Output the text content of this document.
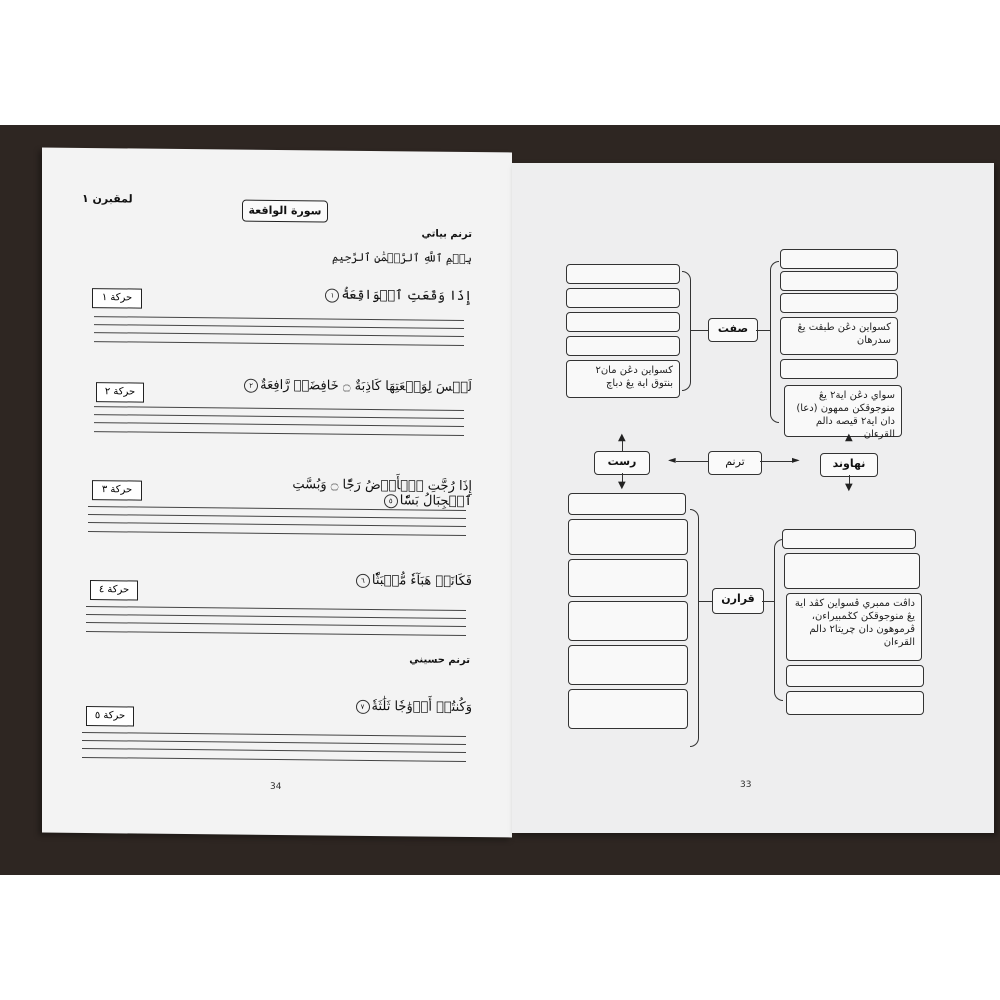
لمقبرن ١
سورة الواقعة
ترنم بياتي
بِسۡمِ ٱللَّهِ ٱلرَّحۡمَٰنِ ٱلرَّحِيمِ
حركة ١	إِذَا وَقَعَتِ ٱلۡوَاقِعَةُ١
حركة ٢	لَيۡسَ لِوَقۡعَتِهَا كَاذِبَةٌ ۝ خَافِضَةٞ رَّافِعَةٌ٢
حركة ٣	إِذَا رُجَّتِ ٱلۡأَرۡضُ رَجّٗا ۝ وَبُسَّتِ ٱلۡجِبَالُ بَسّٗا٥
حركة ٤
فَكَانَتۡ هَبَآءٗ مُّنۢبَثّٗا٦
ترنم حسيني
حركة ٥
وَكُنتُمۡ أَزۡوَٰجٗا ثَلَٰثَةٗ٧
34
كسواين دڠن مان٢ بنتوق اية يڠ دباچ
صفت	كسواين دڠن طبقت يڠ سدرهان
سواي دڠن اية٢ يڠ منوجوقكن ممهون (دعا) دان اية٢ قيصه دالم القرءان
▲
رست
▼
◄	ترنم	►
▲
نهاوند
▼
قرارن	داڤت ممبري ڤسواين كڤد اية يڠ منوجوقكن كݢمبيراءن، ڤرموهون دان چريتا٢ دالم القرءان
33
